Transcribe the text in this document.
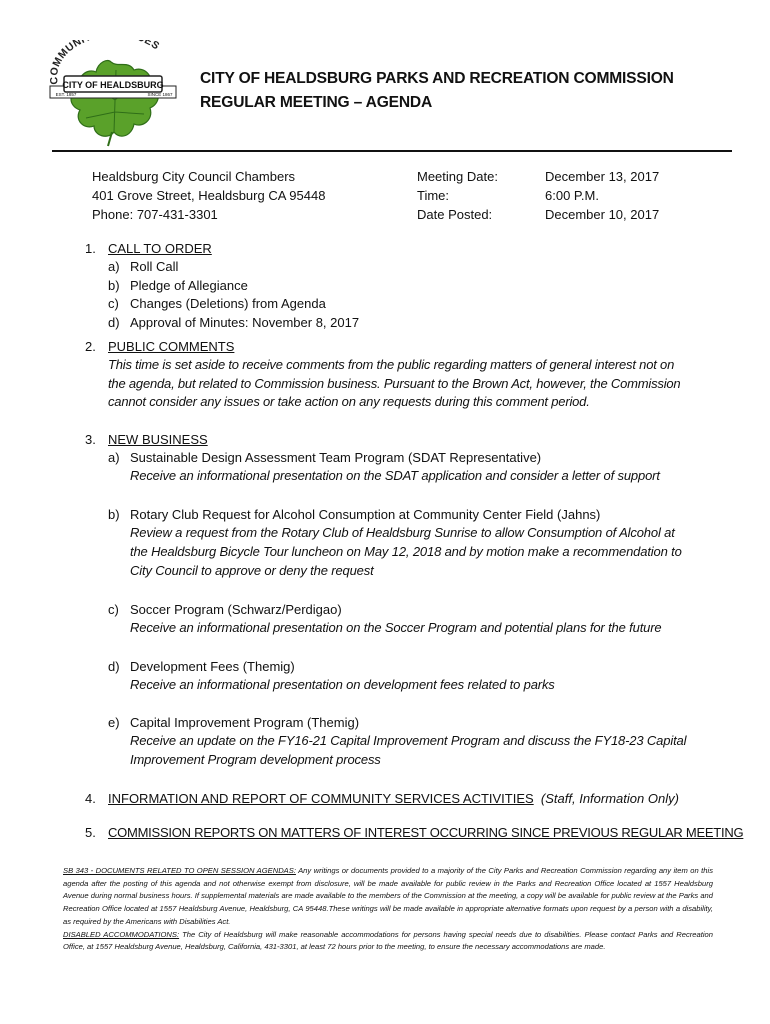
COMMUN ES
CITY OF HEALDSBURG
EST. 1857	SINCE 1867
CITY OF HEALDSBURG PARKS AND RECREATION COMMISSION
REGULAR MEETING – AGENDA
Healdsburg City Council Chambers
401 Grove Street, Healdsburg CA 95448
Phone: 707-431-3301
Meeting Date:
Time:
Date Posted:
December 13, 2017
6:00 P.M.
December 10, 2017
1. CALL TO ORDER
a) Roll Call
b) Pledge of Allegiance
c) Changes (Deletions) from Agenda
d) Approval of Minutes: November 8, 2017
2. PUBLIC COMMENTS
This time is set aside to receive comments from the public regarding matters of general interest not on
the agenda, but related to Commission business. Pursuant to the Brown Act, however, the Commission
cannot consider any issues or take action on any requests during this comment period.
3. NEW BUSINESS
a) Sustainable Design Assessment Team Program (SDAT Representative)
Receive an informational presentation on the SDAT application and consider a letter of support
b) Rotary Club Request for Alcohol Consumption at Community Center Field (Jahns)
Review a request from the Rotary Club of Healdsburg Sunrise to allow Consumption of Alcohol at
the Healdsburg Bicycle Tour luncheon on May 12, 2018 and by motion make a recommendation to
City Council to approve or deny the request
c) Soccer Program (Schwarz/Perdigao)
Receive an informational presentation on the Soccer Program and potential plans for the future
d) Development Fees (Themig)
Receive an informational presentation on development fees related to parks
e) Capital Improvement Program (Themig)
Receive an update on the FY16-21 Capital Improvement Program and discuss the FY18-23 Capital
Improvement Program development process
4. INFORMATION AND REPORT OF COMMUNITY SERVICES ACTIVITIES
(Staff, Information Only)
5. COMMISSION REPORTS ON MATTERS OF INTEREST OCCURRING SINCE PREVIOUS REGULAR MEETING

SB 343 - DOCUMENTS RELATED TO OPEN SESSION AGENDAS: Any writings or documents provided to a majority of the City Parks and Recreation Commission regarding any item on this agenda after the posting of this agenda and not otherwise exempt from disclosure, will be made available for public review in the Parks and Recreation Office located at 1557 Healdsburg Avenue during normal business hours. If supplemental materials are made available to the members of the Commission at the meeting, a copy will be available for public review at the Parks and Recreation Office located at 1557 Healdsburg Avenue, Healdsburg, CA 95448.These writings will be made available in appropriate alternative formats upon request by a person with a disability, as required by the Americans with Disabilities Act.

DISABLED ACCOMMODATIONS: The City of Healdsburg will make reasonable accommodations for persons having special needs due to disabilities. Please contact Parks and Recreation Office, at 1557 Healdsburg Avenue, Healdsburg, California, 431-3301, at least 72 hours prior to the meeting, to ensure the necessary accommodations are made.
